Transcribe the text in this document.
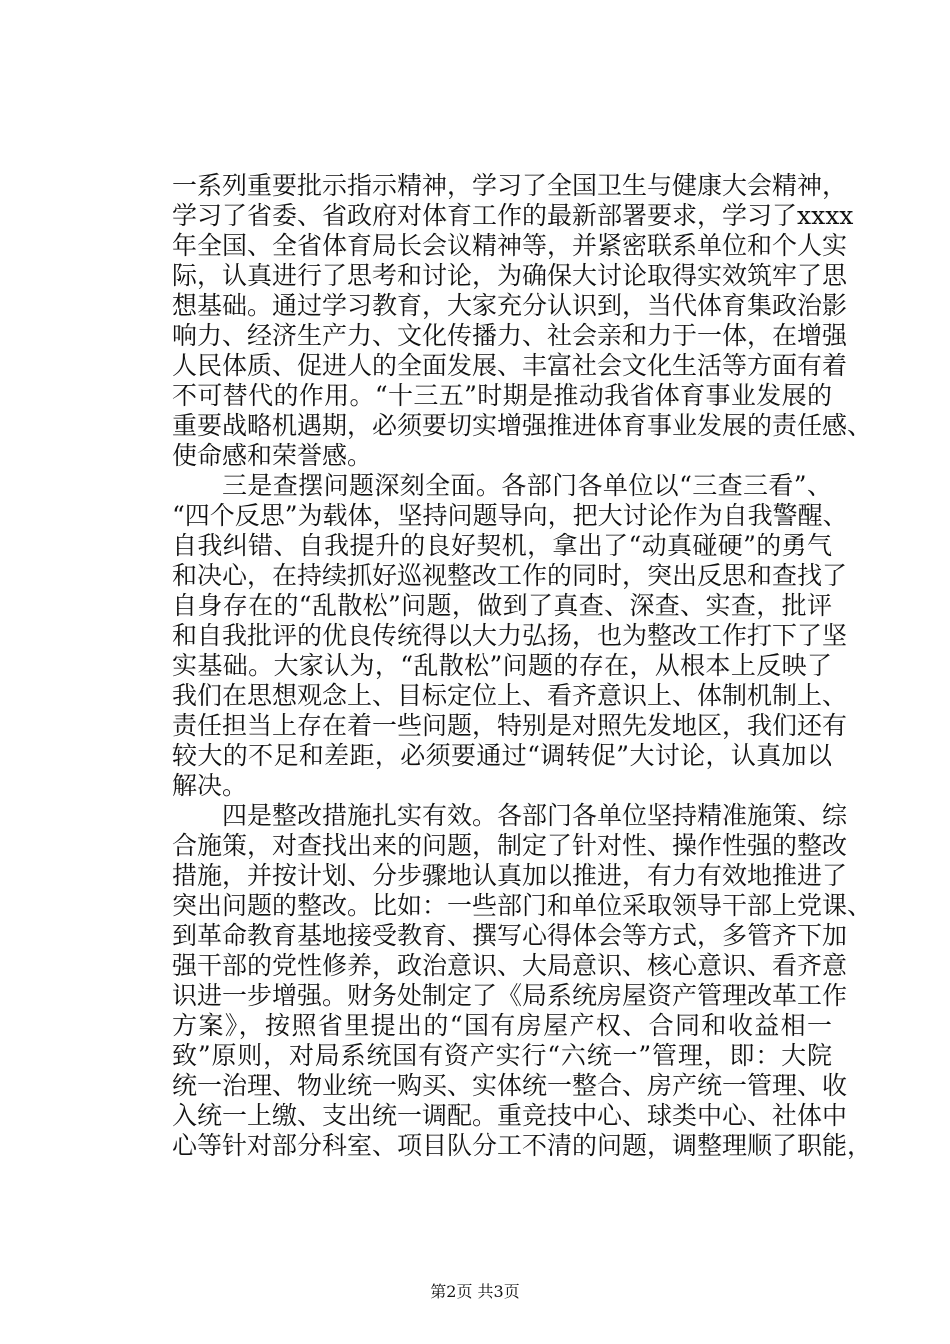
一系列重要批示指示精神，学习了全国卫生与健康大会精神，
学习了省委、省政府对体育工作的最新部署要求，学习了xxxx
年全国、全省体育局长会议精神等，并紧密联系单位和个人实
际，认真进行了思考和讨论，为确保大讨论取得实效筑牢了思
想基础。通过学习教育，大家充分认识到，当代体育集政治影
响力、经济生产力、文化传播力、社会亲和力于一体，在增强
人民体质、促进人的全面发展、丰富社会文化生活等方面有着
不可替代的作用。“十三五”时期是推动我省体育事业发展的
重要战略机遇期，必须要切实增强推进体育事业发展的责任感、
使命感和荣誉感。
三是查摆问题深刻全面。各部门各单位以“三查三看”、
“四个反思”为载体，坚持问题导向，把大讨论作为自我警醒、
自我纠错、自我提升的良好契机，拿出了“动真碰硬”的勇气
和决心，在持续抓好巡视整改工作的同时，突出反思和查找了
自身存在的“乱散松”问题，做到了真查、深查、实查，批评
和自我批评的优良传统得以大力弘扬，也为整改工作打下了坚
实基础。大家认为，“乱散松”问题的存在，从根本上反映了
我们在思想观念上、目标定位上、看齐意识上、体制机制上、
责任担当上存在着一些问题，特别是对照先发地区，我们还有
较大的不足和差距，必须要通过“调转促”大讨论，认真加以
解决。
四是整改措施扎实有效。各部门各单位坚持精准施策、综
合施策，对查找出来的问题，制定了针对性、操作性强的整改
措施，并按计划、分步骤地认真加以推进，有力有效地推进了
突出问题的整改。比如：一些部门和单位采取领导干部上党课、
到革命教育基地接受教育、撰写心得体会等方式，多管齐下加
强干部的党性修养，政治意识、大局意识、核心意识、看齐意
识进一步增强。财务处制定了《局系统房屋资产管理改革工作
方案》，按照省里提出的“国有房屋产权、合同和收益相一
致”原则，对局系统国有资产实行“六统一”管理，即：大院
统一治理、物业统一购买、实体统一整合、房产统一管理、收
入统一上缴、支出统一调配。重竞技中心、球类中心、社体中
心等针对部分科室、项目队分工不清的问题，调整理顺了职能，
第2页 共3页
